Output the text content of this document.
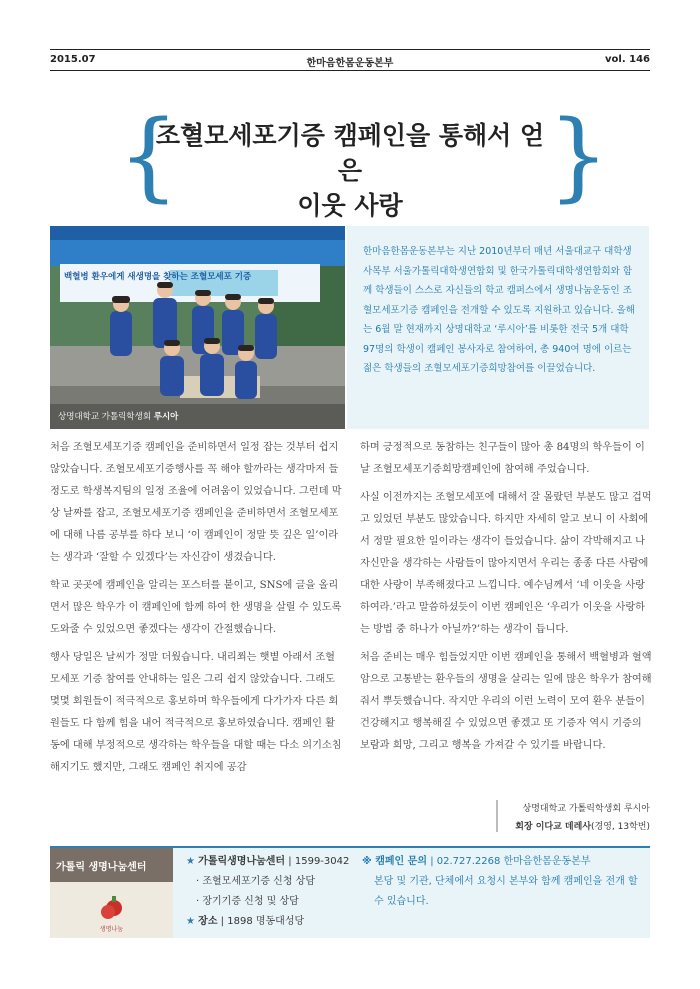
2015.07	한마음한몸운동본부	vol. 146
{	}
조혈모세포기증 캠페인을 통해서 얻은
이웃 사랑
백혈병 환우에게 새생명을 찾하는 조혈모세포 기증
상명대학교 가톨릭학생회 루시아

한마음한몸운동본부는 지난 2010년부터 매년 서울대교구 대학생사목부 서울가톨릭대학생연합회 및 한국가톨릭대학생연합회와 함께 학생들이 스스로 자신들의 학교 캠퍼스에서 생명나눔운동인 조혈모세포기증 캠페인을 전개할 수 있도록 지원하고 있습니다. 올해는 6월 말 현재까지 상명대학교 ‘루시아’를 비롯한 전국 5개 대학 97명의 학생이 캠페인 봉사자로 참여하여, 총 940여 명에 이르는 젊은 학생들의 조혈모세포기증희망참여를 이끌었습니다.

처음 조혈모세포기증 캠페인을 준비하면서 일정 잡는 것부터 쉽지 않았습니다. 조혈모세포기증행사를 꼭 해야 할까라는 생각마저 들 정도로 학생복지팀의 일정 조율에 어려움이 있었습니다. 그런데 막상 날짜를 잡고, 조혈모세포기증 캠페인을 준비하면서 조혈모세포에 대해 나름 공부를 하다 보니 ‘이 캠페인이 정말 뜻 깊은 일’이라는 생각과 ‘잘할 수 있겠다’는 자신감이 생겼습니다.

학교 곳곳에 캠페인을 알리는 포스터를 붙이고, SNS에 글을 올리면서 많은 학우가 이 캠페인에 함께 하여 한 생명을 살릴 수 있도록 도와줄 수 있었으면 좋겠다는 생각이 간절했습니다.

행사 당일은 날씨가 정말 더웠습니다. 내리쬐는 햇볕 아래서 조혈모세포 기증 참여를 안내하는 일은 그리 쉽지 않았습니다. 그래도 몇몇 회원들이 적극적으로 홍보하며 학우들에게 다가가자 다른 회원들도 다 함께 힘을 내어 적극적으로 홍보하였습니다. 캠페인 활동에 대해 부정적으로 생각하는 학우들을 대할 때는 다소 의기소침해지기도 했지만, 그래도 캠페인 취지에 공감

하며 긍정적으로 동참하는 친구들이 많아 총 84명의 학우들이 이날 조혈모세포기증희망캠페인에 참여해 주었습니다.

사실 이전까지는 조혈모세포에 대해서 잘 몰랐던 부분도 많고 겁먹고 있었던 부분도 많았습니다. 하지만 자세히 알고 보니 이 사회에서 정말 필요한 일이라는 생각이 들었습니다. 삶이 각박해지고 나 자신만을 생각하는 사람들이 많아지면서 우리는 종종 다른 사람에 대한 사랑이 부족해졌다고 느낍니다. 예수님께서 ‘네 이웃을 사랑하여라.’라고 말씀하셨듯이 이번 캠페인은 ‘우리가 이웃을 사랑하는 방법 중 하나가 아닐까?’하는 생각이 듭니다.

처음 준비는 매우 힘들었지만 이번 캠페인을 통해서 백혈병과 혈액암으로 고통받는 환우들의 생명을 살리는 일에 많은 학우가 참여해줘서 뿌듯했습니다. 작지만 우리의 이런 노력이 모여 환우 분들이 건강해지고 행복해질 수 있었으면 좋겠고 또 기증자 역시 기증의 보람과 희망, 그리고 행복을 가져갈 수 있기를 바랍니다.

상명대학교 가톨릭학생회 루시아
회장 이다교 데레사(경영, 13학번)
가톨릭 생명나눔센터
생명나눔
★ 가톨릭생명나눔센터 | 1599-3042
· 조혈모세포기증 신청 상담
· 장기기증 신청 및 상담
★ 장소 | 1898 명동대성당
※ 캠페인 문의 | 02.727.2268 한마음한몸운동본부
본당 및 기관, 단체에서 요청시 본부와 함께 캠페인을 전개 할 수 있습니다.
